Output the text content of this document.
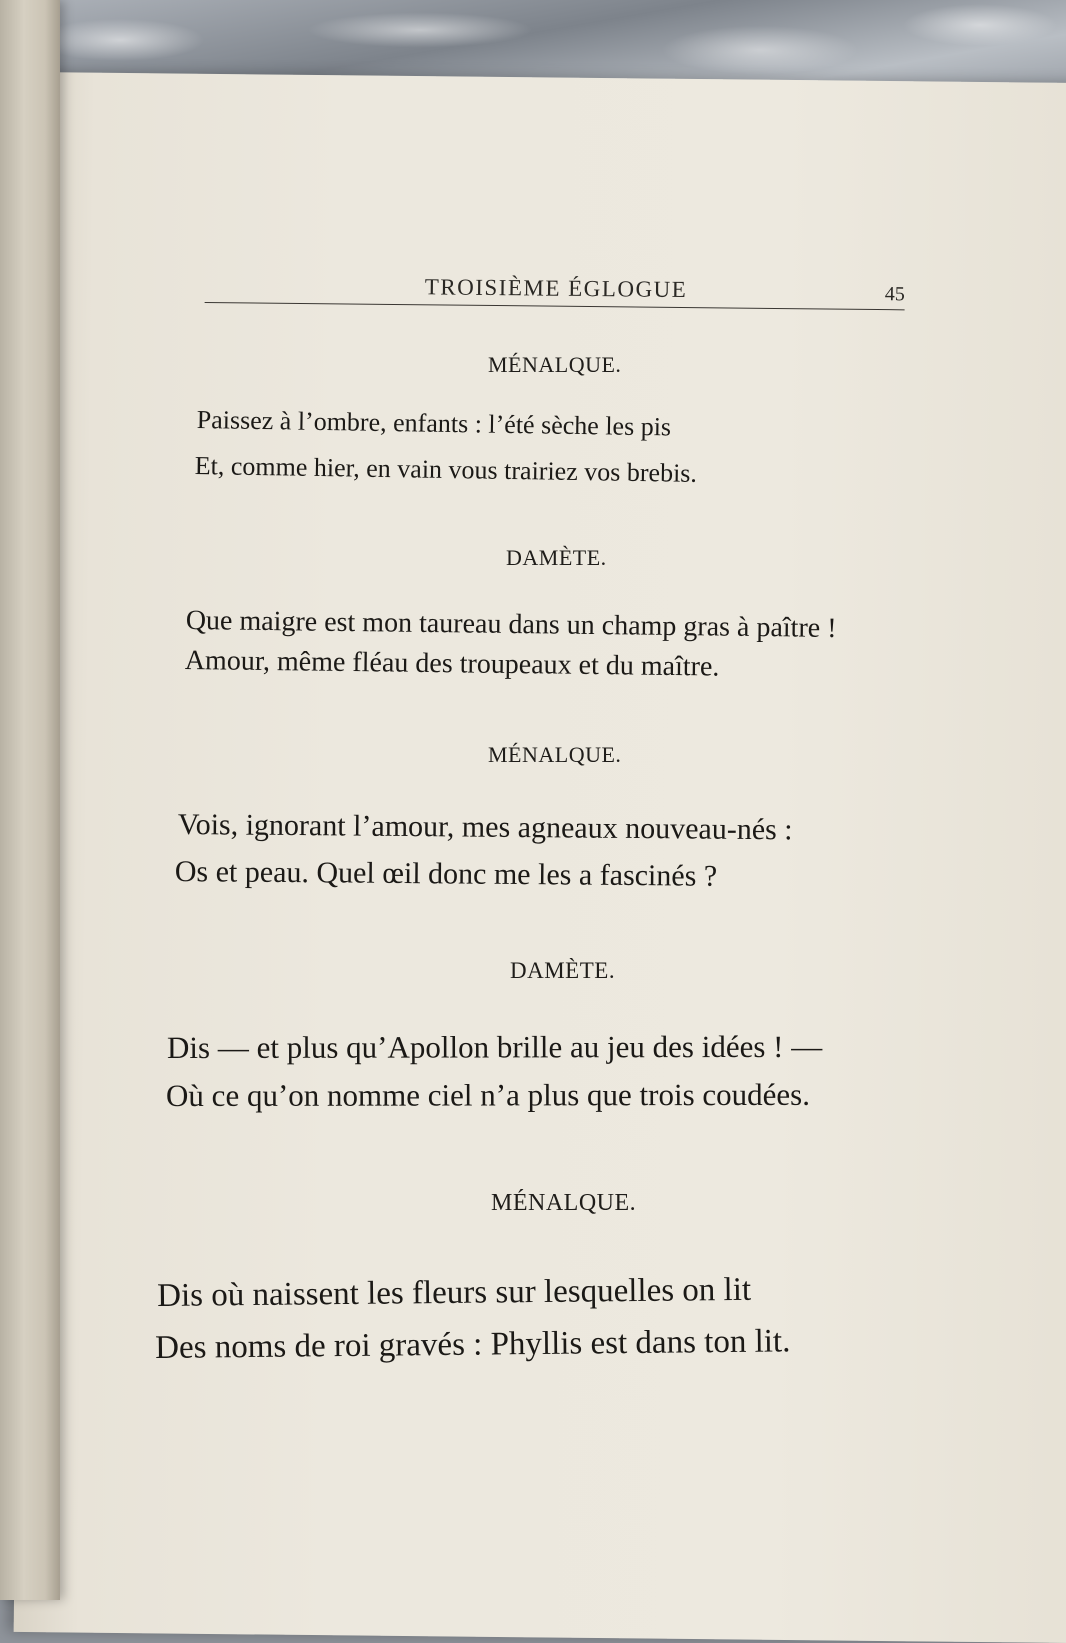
TROISIÈME ÉGLOGUE	45
MÉNALQUE.
Paissez à l’ombre, enfants : l’été sèche les pis
Et, comme hier, en vain vous trairiez vos brebis.
DAMÈTE.
Que maigre est mon taureau dans un champ gras à paître !
Amour, même fléau des troupeaux et du maître.
MÉNALQUE.
Vois, ignorant l’amour, mes agneaux nouveau-nés :
Os et peau. Quel œil donc me les a fascinés ?
DAMÈTE.
Dis — et plus qu’Apollon brille au jeu des idées ! —
Où ce qu’on nomme ciel n’a plus que trois coudées.
MÉNALQUE.
Dis où naissent les fleurs sur lesquelles on lit
Des noms de roi gravés : Phyllis est dans ton lit.
